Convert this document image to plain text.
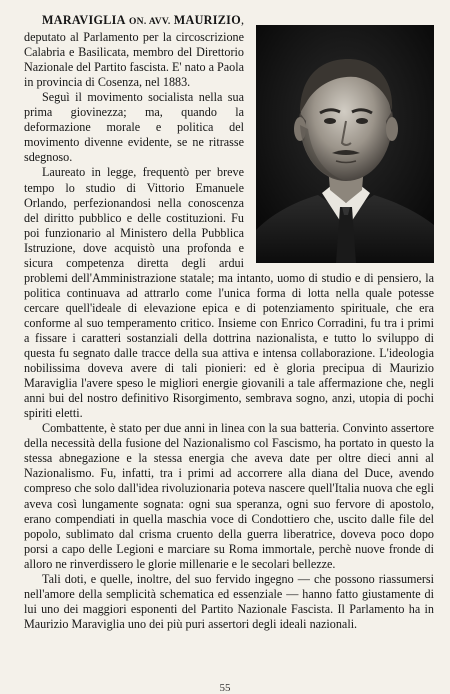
MARAVIGLIA ON. AVV. MAURIZIO, deputato al Parlamento per la circoscrizione Calabria e Basilicata, membro del Direttorio Nazionale del Partito fascista. E' nato a Paola in provincia di Cosenza, nel 1883.

Seguì il movimento socialista nella sua prima giovinezza; ma, quando la deformazione morale e politica del movimento divenne evidente, se ne ritrasse sdegnoso.

Laureato in legge, frequentò per breve tempo lo studio di Vittorio Emanuele Orlando, perfezionandosi nella conoscenza del diritto pubblico e delle costituzioni. Fu poi funzionario al Ministero della Pubblica Istruzione, dove acquistò una profonda e sicura competenza diretta degli ardui problemi dell'Amministrazione statale; ma intanto, uomo di studio e di pensiero, la politica continuava ad attrarlo come l'unica forma di lotta nella quale potesse cercare quell'ideale di elevazione epica e di potenziamento spirituale, che era conforme al suo temperamento critico. Insieme con Enrico Corradini, fu tra i primi a fissare i caratteri sostanziali della dottrina nazionalista, e tutto lo sviluppo di questa fu segnato dalle tracce della sua attiva e intensa collaborazione. L'ideologia nobilissima doveva avere di tali pionieri: ed è gloria precipua di Maurizio Maraviglia l'avere speso le migliori energie giovanili a tale affermazione che, negli anni bui del nostro definitivo Risorgimento, sembrava sogno, anzi, utopia di pochi spiriti eletti.

Combattente, è stato per due anni in linea con la sua batteria. Convinto assertore della necessità della fusione del Nazionalismo col Fascismo, ha portato in questo la stessa abnegazione e la stessa energia che aveva date per oltre dieci anni al Nazionalismo. Fu, infatti, tra i primi ad accorrere alla diana del Duce, avendo compreso che solo dall'idea rivoluzionaria poteva nascere quell'Italia nuova che egli aveva così lungamente sognata: ogni sua speranza, ogni suo fervore di apostolo, erano compendiati in quella maschia voce di Condottiero che, uscito dalle file del popolo, sublimato dal crisma cruento della guerra liberatrice, doveva poco dopo porsi a capo delle Legioni e marciare su Roma immortale, perchè nuove fronde di alloro ne rinverdissero le glorie millenarie e le secolari bellezze.

Tali doti, e quelle, inoltre, del suo fervido ingegno — che possono riassumersi nell'amore della semplicità schematica ed essenziale — hanno fatto giustamente di lui uno dei maggiori esponenti del Partito Nazionale Fascista. Il Parlamento ha in Maurizio Maraviglia uno dei più puri assertori degli ideali nazionali.

55
